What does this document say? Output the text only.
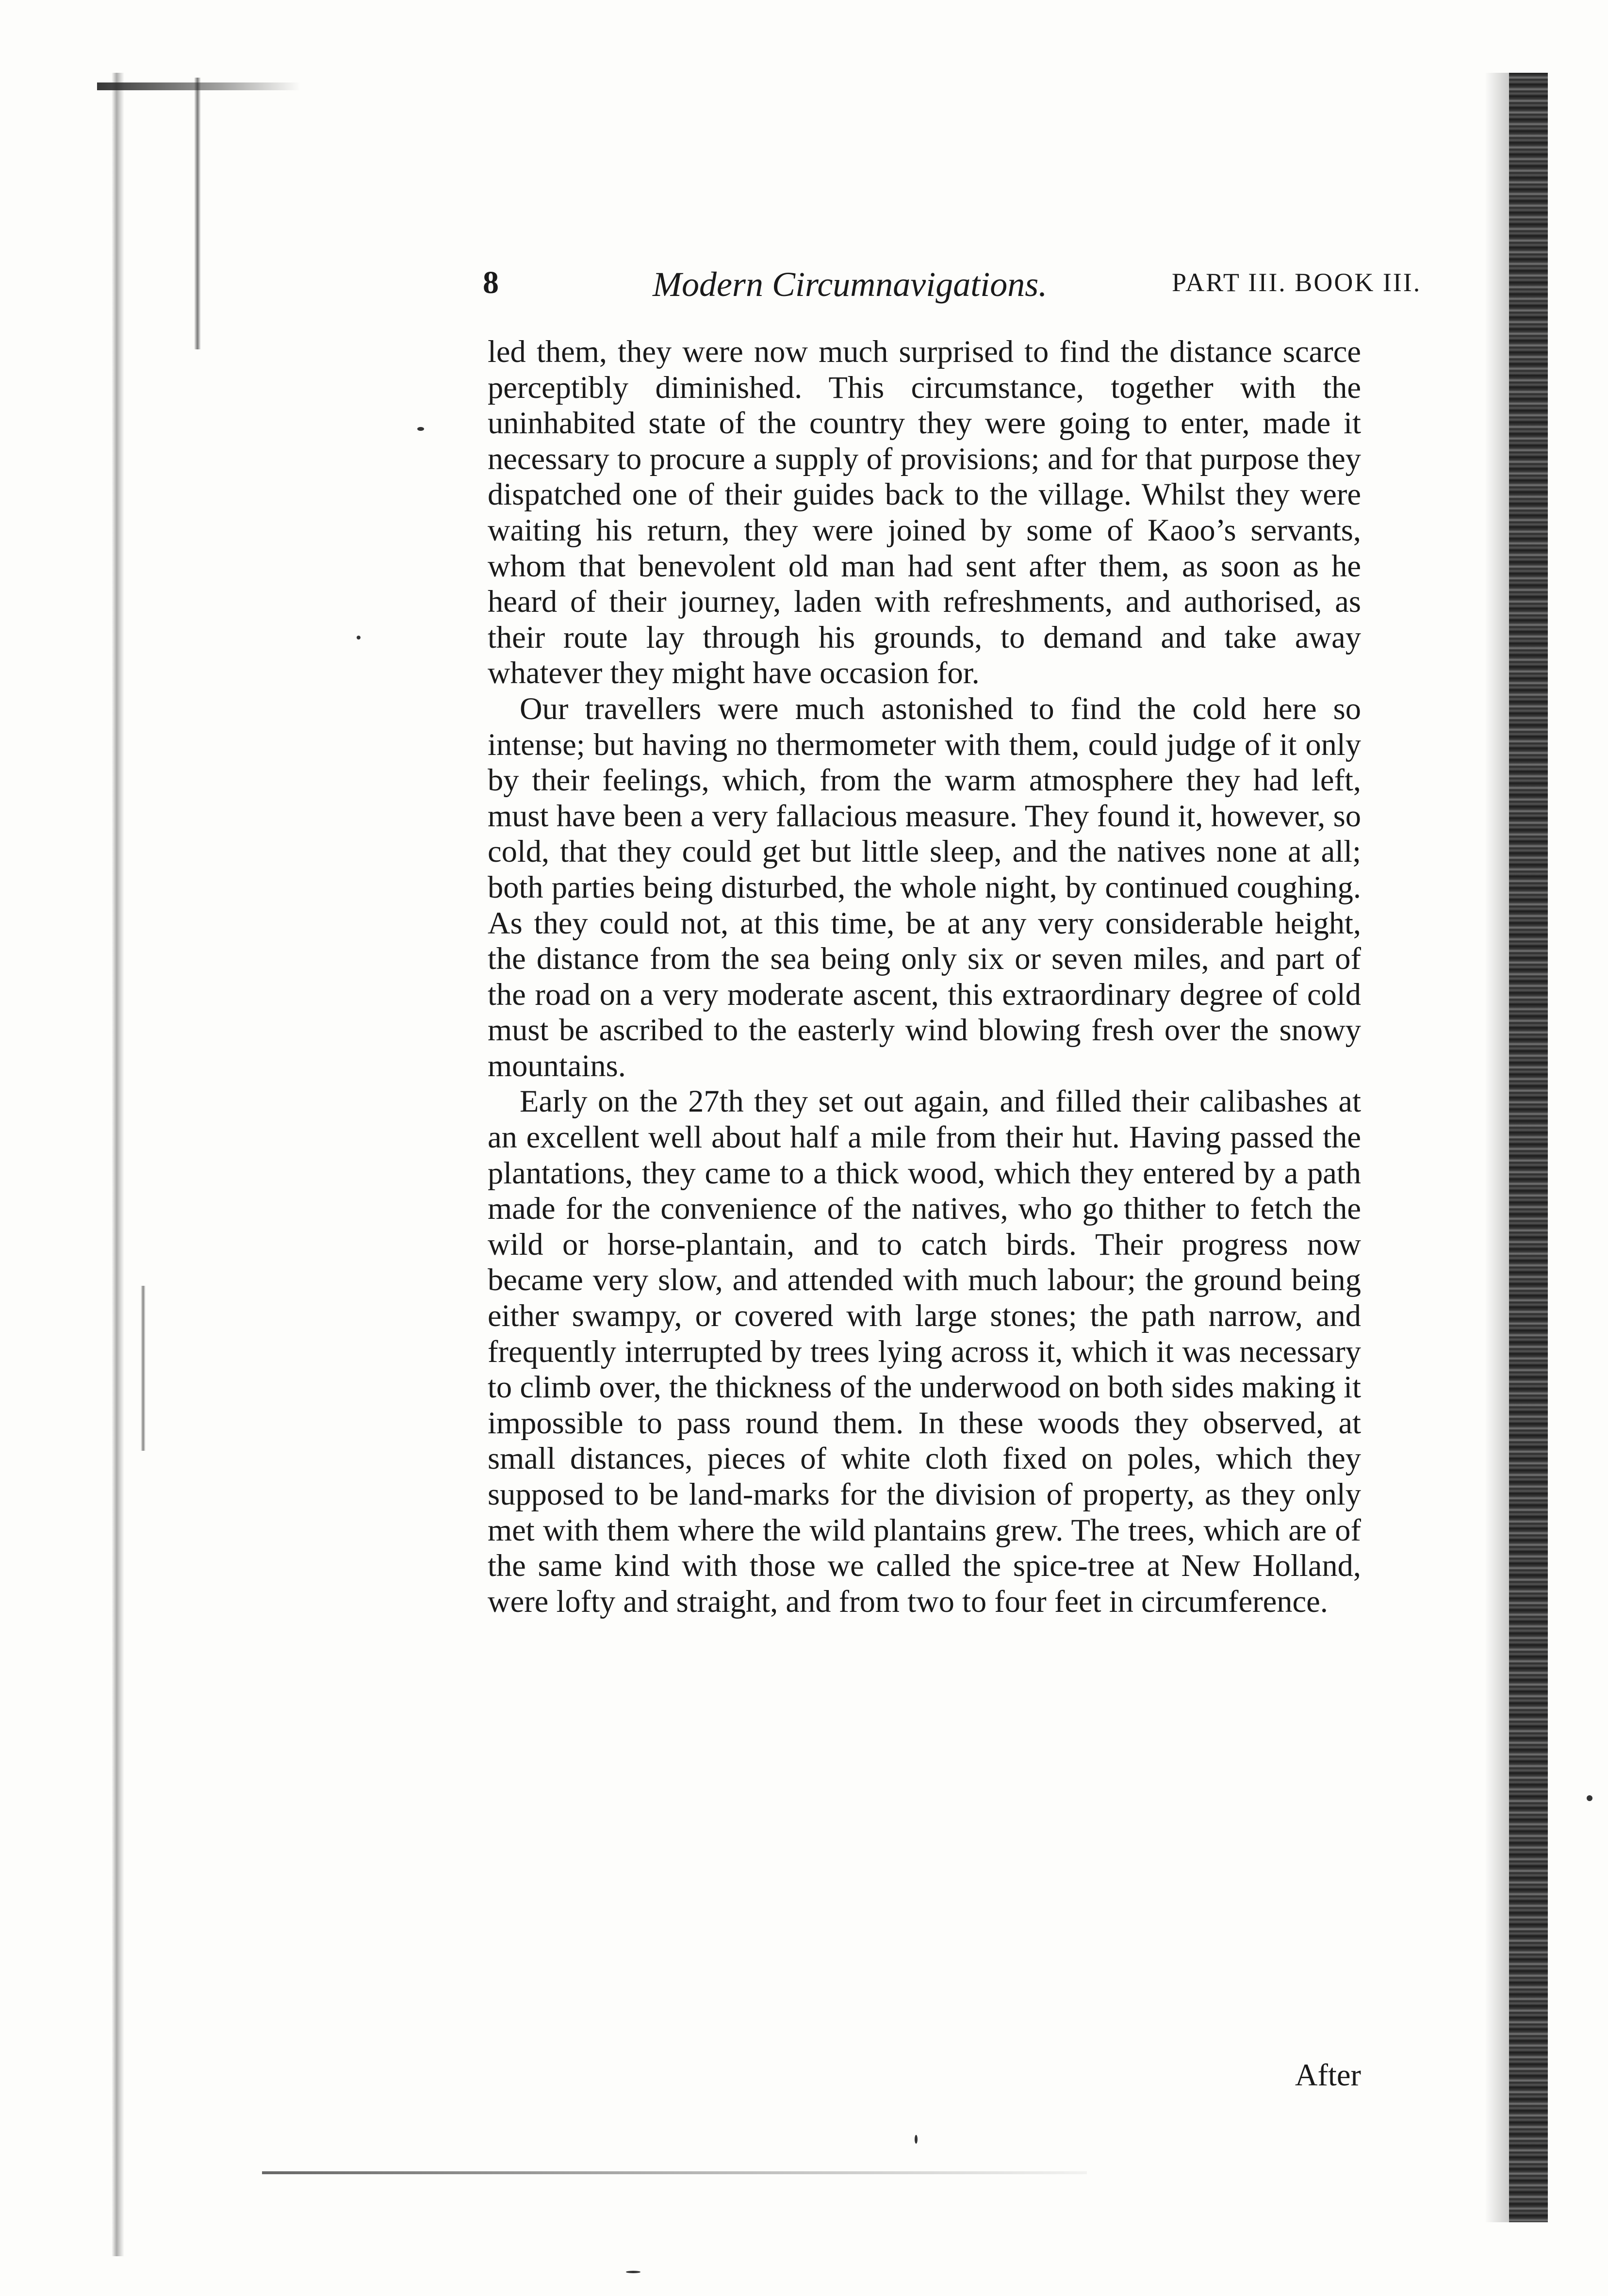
8	Modern Circumnavigations.	PART III. BOOK III.

led them, they were now much surprised to find the distance scarce perceptibly diminished. This circumstance, together with the uninhabited state of the country they were going to enter, made it necessary to procure a supply of provisions; and for that purpose they dispatched one of their guides back to the village. Whilst they were waiting his return, they were joined by some of Kaoo’s servants, whom that benevolent old man had sent after them, as soon as he heard of their journey, laden with refreshments, and authorised, as their route lay through his grounds, to demand and take away whatever they might have occasion for.

Our travellers were much astonished to find the cold here so intense; but having no thermometer with them, could judge of it only by their feelings, which, from the warm atmosphere they had left, must have been a very fallacious measure. They found it, however, so cold, that they could get but little sleep, and the natives none at all; both parties being disturbed, the whole night, by continued coughing. As they could not, at this time, be at any very considerable height, the distance from the sea being only six or seven miles, and part of the road on a very moderate ascent, this extraordinary degree of cold must be ascribed to the easterly wind blowing fresh over the snowy mountains.

Early on the 27th they set out again, and filled their calibashes at an excellent well about half a mile from their hut. Having passed the plantations, they came to a thick wood, which they entered by a path made for the convenience of the natives, who go thither to fetch the wild or horse-plantain, and to catch birds. Their progress now became very slow, and attended with much labour; the ground being either swampy, or covered with large stones; the path narrow, and frequently interrupted by trees lying across it, which it was necessary to climb over, the thickness of the underwood on both sides making it impossible to pass round them. In these woods they observed, at small distances, pieces of white cloth fixed on poles, which they supposed to be land-marks for the division of property, as they only met with them where the wild plantains grew. The trees, which are of the same kind with those we called the spice-tree at New Holland, were lofty and straight, and from two to four feet in circumference.

After
